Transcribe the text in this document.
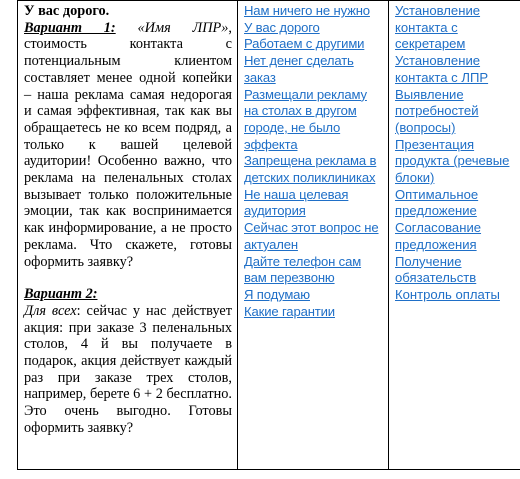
У вас дорого.
Вариант 1: «Имя ЛПР», стоимость контакта с потенциальным клиентом составляет менее одной копейки – наша реклама самая недорогая и самая эффективная, так как вы обращаетесь не ко всем подряд, а только к вашей целевой аудитории! Особенно важно, что реклама на пеленальных столах вызывает только положительные эмоции, так как воспринимается как информирование, а не просто реклама. Что скажете, готовы оформить заявку?
Вариант 2:
Для всех: сейчас у нас действует акция: при заказе 3 пеленальных столов, 4 й вы получаете в подарок, акция действует каждый раз при заказе трех столов, например, берете 6 + 2 бесплатно. Это очень выгодно. Готовы оформить заявку?

Нам ничего не нужно
У вас дорого
Работаем с другими
Нет денег сделать заказ
Размещали рекламу на столах в другом городе, не было эффекта
Запрещена реклама в детских поликлиниках
Не наша целевая аудитория
Сейчас этот вопрос не актуален
Дайте телефон сам вам перезвоню
Я подумаю
Какие гарантии

Установление контакта с секретарем
Установление контакта с ЛПР
Выявление потребностей (вопросы)
Презентация продукта (речевые блоки)
Оптимальное предложение
Согласование предложения
Получение обязательств
Контроль оплаты
